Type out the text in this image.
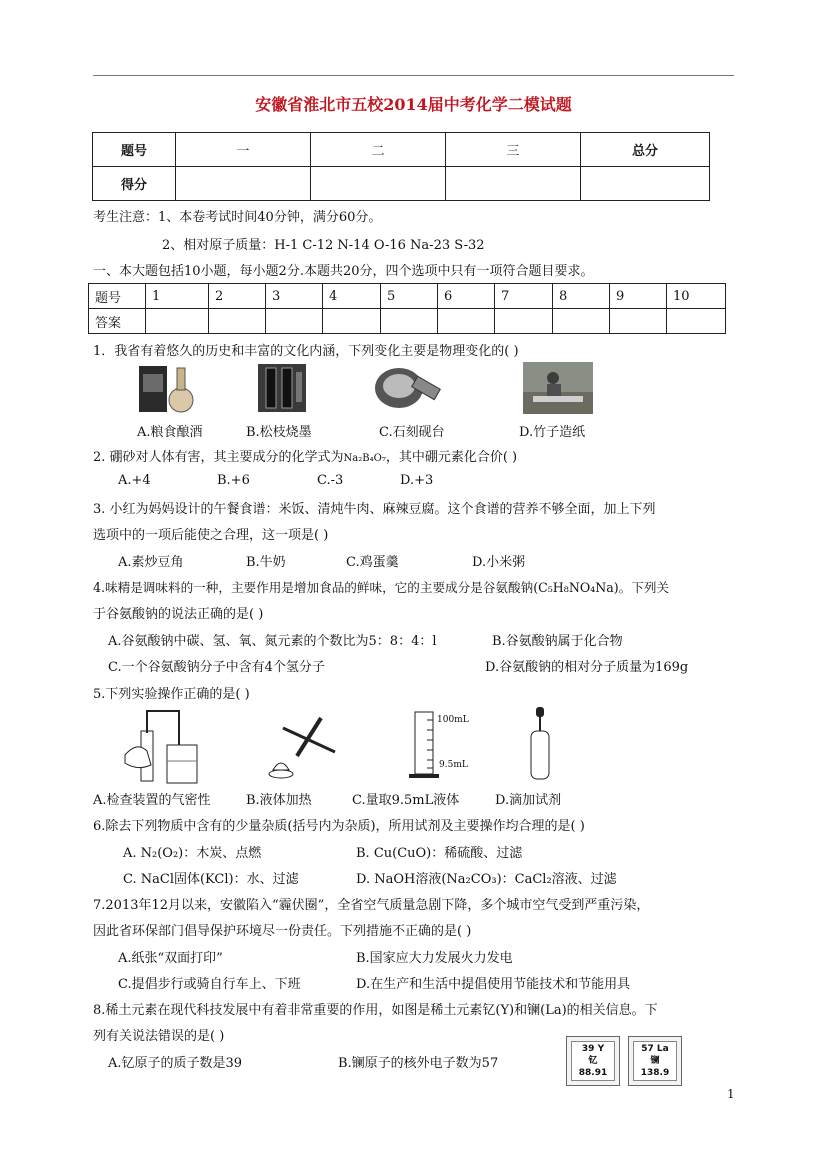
安徽省淮北市五校2014届中考化学二模试题
题号	一	二	三	总分
得分				
考生注意：1、本卷考试时间40分钟，满分60分。
2、相对原子质量：H-1 C-12 N-14 O-16 Na-23 S-32
一、本大题包括10小题，每小题2分.本题共20分，四个选项中只有一项符合题目要求。
题号	1	2	3	4	5	6	7	8	9	10
答案										
1．我省有着悠久的历史和丰富的文化内涵，下列变化主要是物理变化的( )
A.粮食酿酒	B.松枝烧墨	C.石刻砚台	D.竹子造纸
2. 硼砂对人体有害，其主要成分的化学式为Na₂B₄O₇，其中硼元素化合价( )
A.+4	B.+6	C.-3	D.+3
3. 小红为妈妈设计的午餐食谱：米饭、清炖牛肉、麻辣豆腐。这个食谱的营养不够全面，加上下列
选项中的一项后能使之合理，这一项是( )
A.素炒豆角	B.牛奶	C.鸡蛋羹	D.小米粥
4.味精是调味料的一种，主要作用是增加食品的鲜味，它的主要成分是谷氨酸钠(C₅H₈NO₄Na)。下列关
于谷氨酸钠的说法正确的是( )
A.谷氨酸钠中碳、氢、氧、氮元素的个数比为5：8：4：l	B.谷氨酸钠属于化合物
C.一个谷氨酸钠分子中含有4个氢分子	D.谷氨酸钠的相对分子质量为169g
5.下列实验操作正确的是( )
100mL
9.5mL
A.检查装置的气密性	B.液体加热	C.量取9.5mL液体	D.滴加试剂
6.除去下列物质中含有的少量杂质(括号内为杂质)，所用试剂及主要操作均合理的是( )
A. N₂(O₂)：木炭、点燃	B. Cu(CuO)：稀硫酸、过滤
C. NaCl固体(KCl)：水、过滤	D. NaOH溶液(Na₂CO₃)：CaCl₂溶液、过滤
7.2013年12月以来，安徽陷入“霾伏圈”，全省空气质量急剧下降，多个城市空气受到严重污染，
因此省环保部门倡导保护环境尽一份责任。下列措施不正确的是( )
A.纸张“双面打印”	B.国家应大力发展火力发电
C.提倡步行或骑自行车上、下班	D.在生产和生活中提倡使用节能技术和节能用具
8.稀土元素在现代科技发展中有着非常重要的作用，如图是稀土元素钇(Y)和镧(La)的相关信息。下
列有关说法错误的是( )
A.钇原子的质子数是39	B.镧原子的核外电子数为57
39 Y
钇
88.91
57 La
镧
138.9
1
